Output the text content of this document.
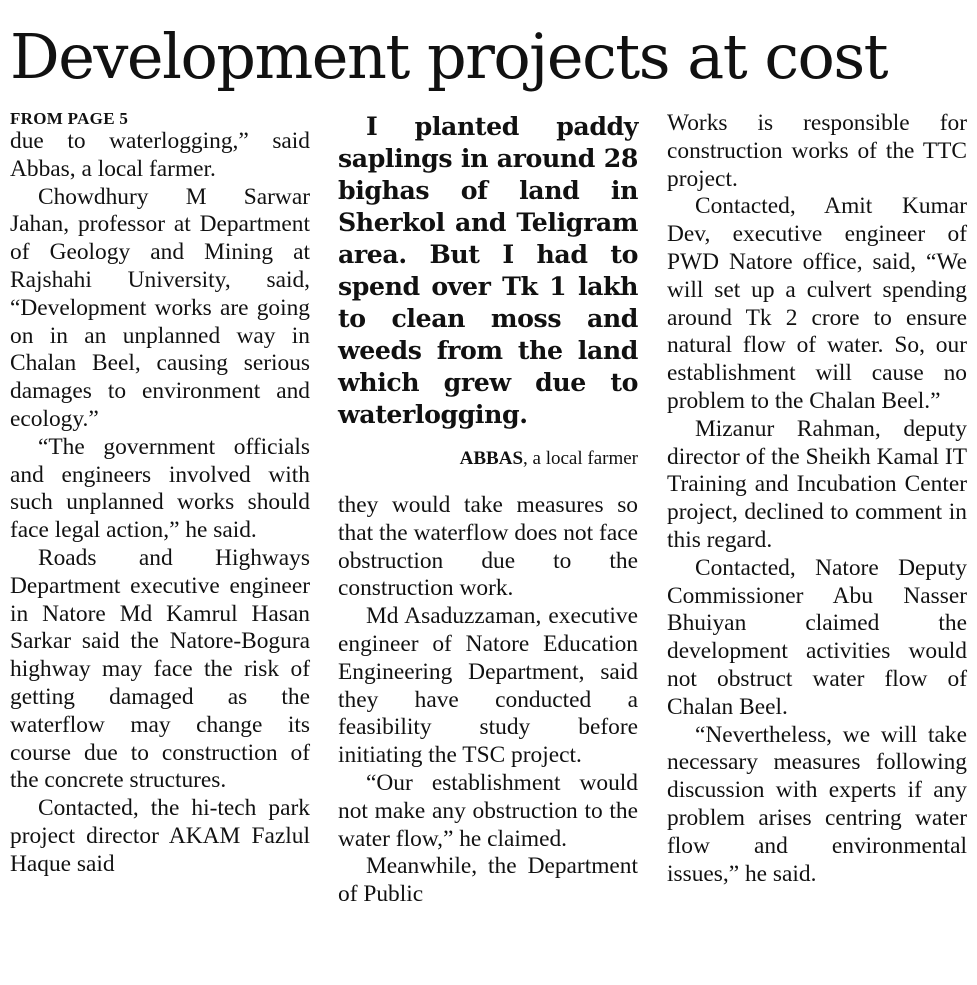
Development projects at cost
FROM PAGE 5

due to waterlogging,” said Abbas, a local farmer.

Chowdhury M Sarwar Jahan, professor at Department of Geology and Mining at Rajshahi University, said, “Development works are going on in an unplanned way in Chalan Beel, causing serious damages to environment and ecology.”

“The government officials and engineers involved with such unplanned works should face legal action,” he said.

Roads and Highways Department executive engineer in Natore Md Kamrul Hasan Sarkar said the Natore-Bogura highway may face the risk of getting damaged as the waterflow may change its course due to construction of the concrete structures.

Contacted, the hi-tech park project director AKAM Fazlul Haque said

I planted paddy saplings in around 28 bighas of land in Sherkol and Teligram area. But I had to spend over Tk 1 lakh to clean moss and weeds from the land which grew due to waterlogging.

ABBAS, a local farmer

they would take measures so that the waterflow does not face obstruction due to the construction work.

Md Asaduzzaman, executive engineer of Natore Education Engineering Department, said they have conducted a feasibility study before initiating the TSC project.

“Our establishment would not make any obstruction to the water flow,” he claimed.

Meanwhile, the Department of Public

Works is responsible for construction works of the TTC project.

Contacted, Amit Kumar Dev, executive engineer of PWD Natore office, said, “We will set up a culvert spending around Tk 2 crore to ensure natural flow of water. So, our establishment will cause no problem to the Chalan Beel.”

Mizanur Rahman, deputy director of the Sheikh Kamal IT Training and Incubation Center project, declined to comment in this regard.

Contacted, Natore Deputy Commissioner Abu Nasser Bhuiyan claimed the development activities would not obstruct water flow of Chalan Beel.

“Nevertheless, we will take necessary measures following discussion with experts if any problem arises centring water flow and environmental issues,” he said.
